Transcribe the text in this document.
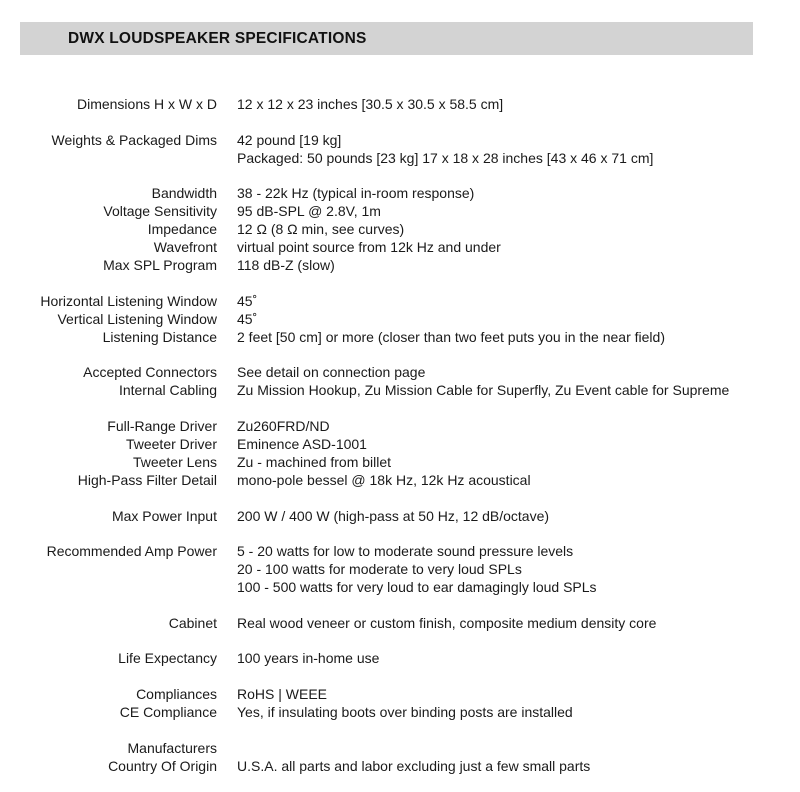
DWX LOUDSPEAKER SPECIFICATIONS
Dimensions H x W x D	12 x 12 x 23 inches [30.5 x 30.5 x 58.5 cm]
Weights & Packaged Dims	42 pound [19 kg]
Packaged: 50 pounds [23 kg] 17 x 18 x 28 inches [43 x 46 x 71 cm]
Bandwidth	38 - 22k Hz (typical in-room response)
Voltage Sensitivity	95 dB-SPL @ 2.8V, 1m
Impedance	12 Ω (8 Ω min, see curves)
Wavefront	virtual point source from 12k Hz and under
Max SPL Program	118 dB-Z (slow)
Horizontal Listening Window	45˚
Vertical Listening Window	45˚
Listening Distance	2 feet [50 cm] or more (closer than two feet puts you in the near field)
Accepted Connectors	See detail on connection page
Internal Cabling	Zu Mission Hookup, Zu Mission Cable for Superfly, Zu Event cable for Supreme
Full-Range Driver	Zu260FRD/ND
Tweeter Driver	Eminence ASD-1001
Tweeter Lens	Zu - machined from billet
High-Pass Filter Detail	mono-pole bessel @ 18k Hz, 12k Hz acoustical
Max Power Input	200 W / 400 W (high-pass at 50 Hz, 12 dB/octave)
Recommended Amp Power	5 - 20 watts for low to moderate sound pressure levels
20 - 100 watts for moderate to very loud SPLs
100 - 500 watts for very loud to ear damagingly loud SPLs
Cabinet	Real wood veneer or custom finish, composite medium density core
Life Expectancy	100 years in-home use
Compliances	RoHS | WEEE
CE Compliance	Yes, if insulating boots over binding posts are installed
Manufacturers
Country Of Origin	U.S.A. all parts and labor excluding just a few small parts
